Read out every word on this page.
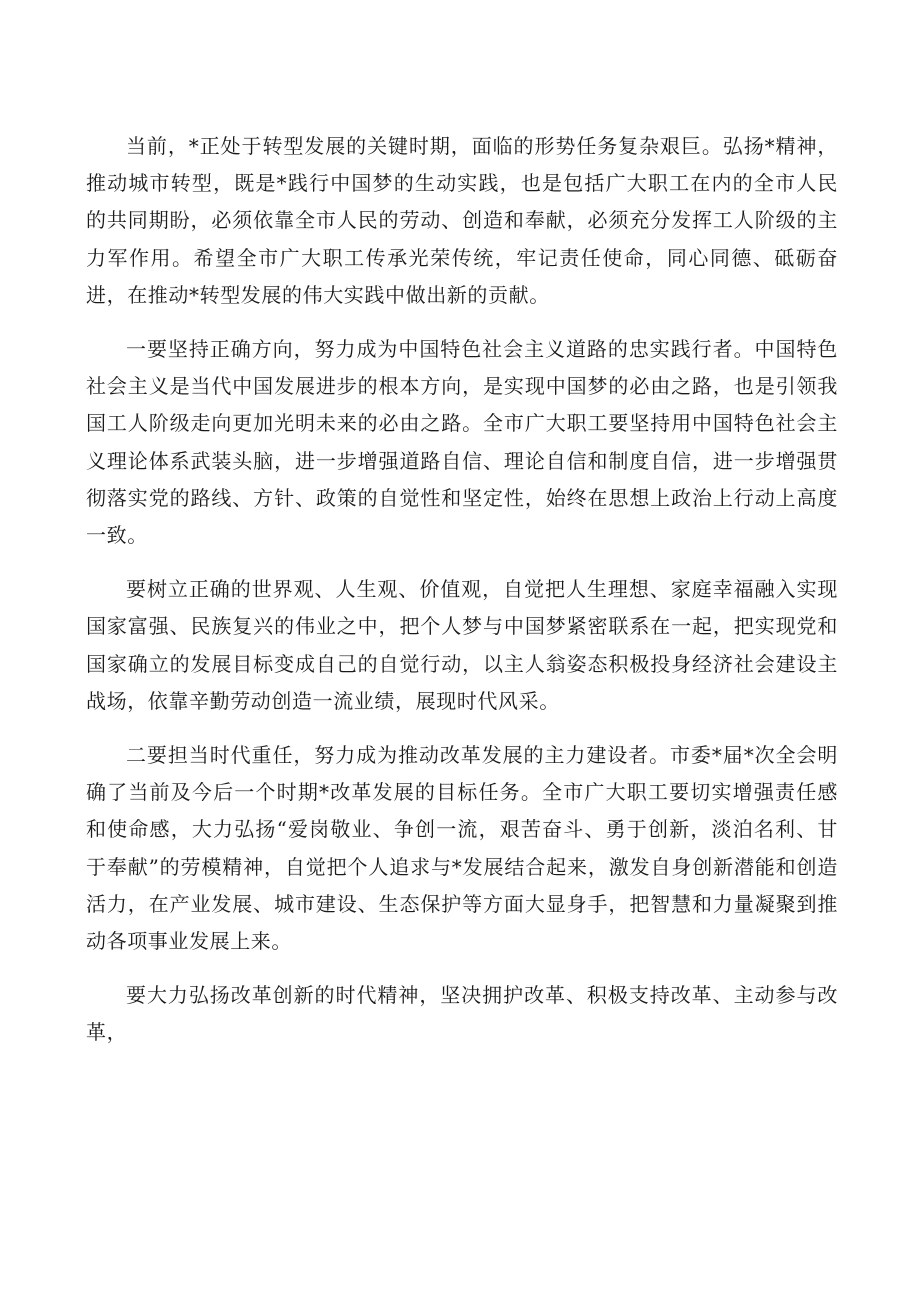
当前，*正处于转型发展的关键时期，面临的形势任务复杂艰巨。弘扬*精神，推动城市转型，既是*践行中国梦的生动实践，也是包括广大职工在内的全市人民的共同期盼，必须依靠全市人民的劳动、创造和奉献，必须充分发挥工人阶级的主力军作用。希望全市广大职工传承光荣传统，牢记责任使命，同心同德、砥砺奋进，在推动*转型发展的伟大实践中做出新的贡献。

一要坚持正确方向，努力成为中国特色社会主义道路的忠实践行者。中国特色社会主义是当代中国发展进步的根本方向，是实现中国梦的必由之路，也是引领我国工人阶级走向更加光明未来的必由之路。全市广大职工要坚持用中国特色社会主义理论体系武装头脑，进一步增强道路自信、理论自信和制度自信，进一步增强贯彻落实党的路线、方针、政策的自觉性和坚定性，始终在思想上政治上行动上高度一致。

要树立正确的世界观、人生观、价值观，自觉把人生理想、家庭幸福融入实现国家富强、民族复兴的伟业之中，把个人梦与中国梦紧密联系在一起，把实现党和国家确立的发展目标变成自己的自觉行动，以主人翁姿态积极投身经济社会建设主战场，依靠辛勤劳动创造一流业绩，展现时代风采。

二要担当时代重任，努力成为推动改革发展的主力建设者。市委*届*次全会明确了当前及今后一个时期*改革发展的目标任务。全市广大职工要切实增强责任感和使命感，大力弘扬“爱岗敬业、争创一流，艰苦奋斗、勇于创新，淡泊名利、甘于奉献”的劳模精神，自觉把个人追求与*发展结合起来，激发自身创新潜能和创造活力，在产业发展、城市建设、生态保护等方面大显身手，把智慧和力量凝聚到推动各项事业发展上来。

要大力弘扬改革创新的时代精神，坚决拥护改革、积极支持改革、主动参与改革，
